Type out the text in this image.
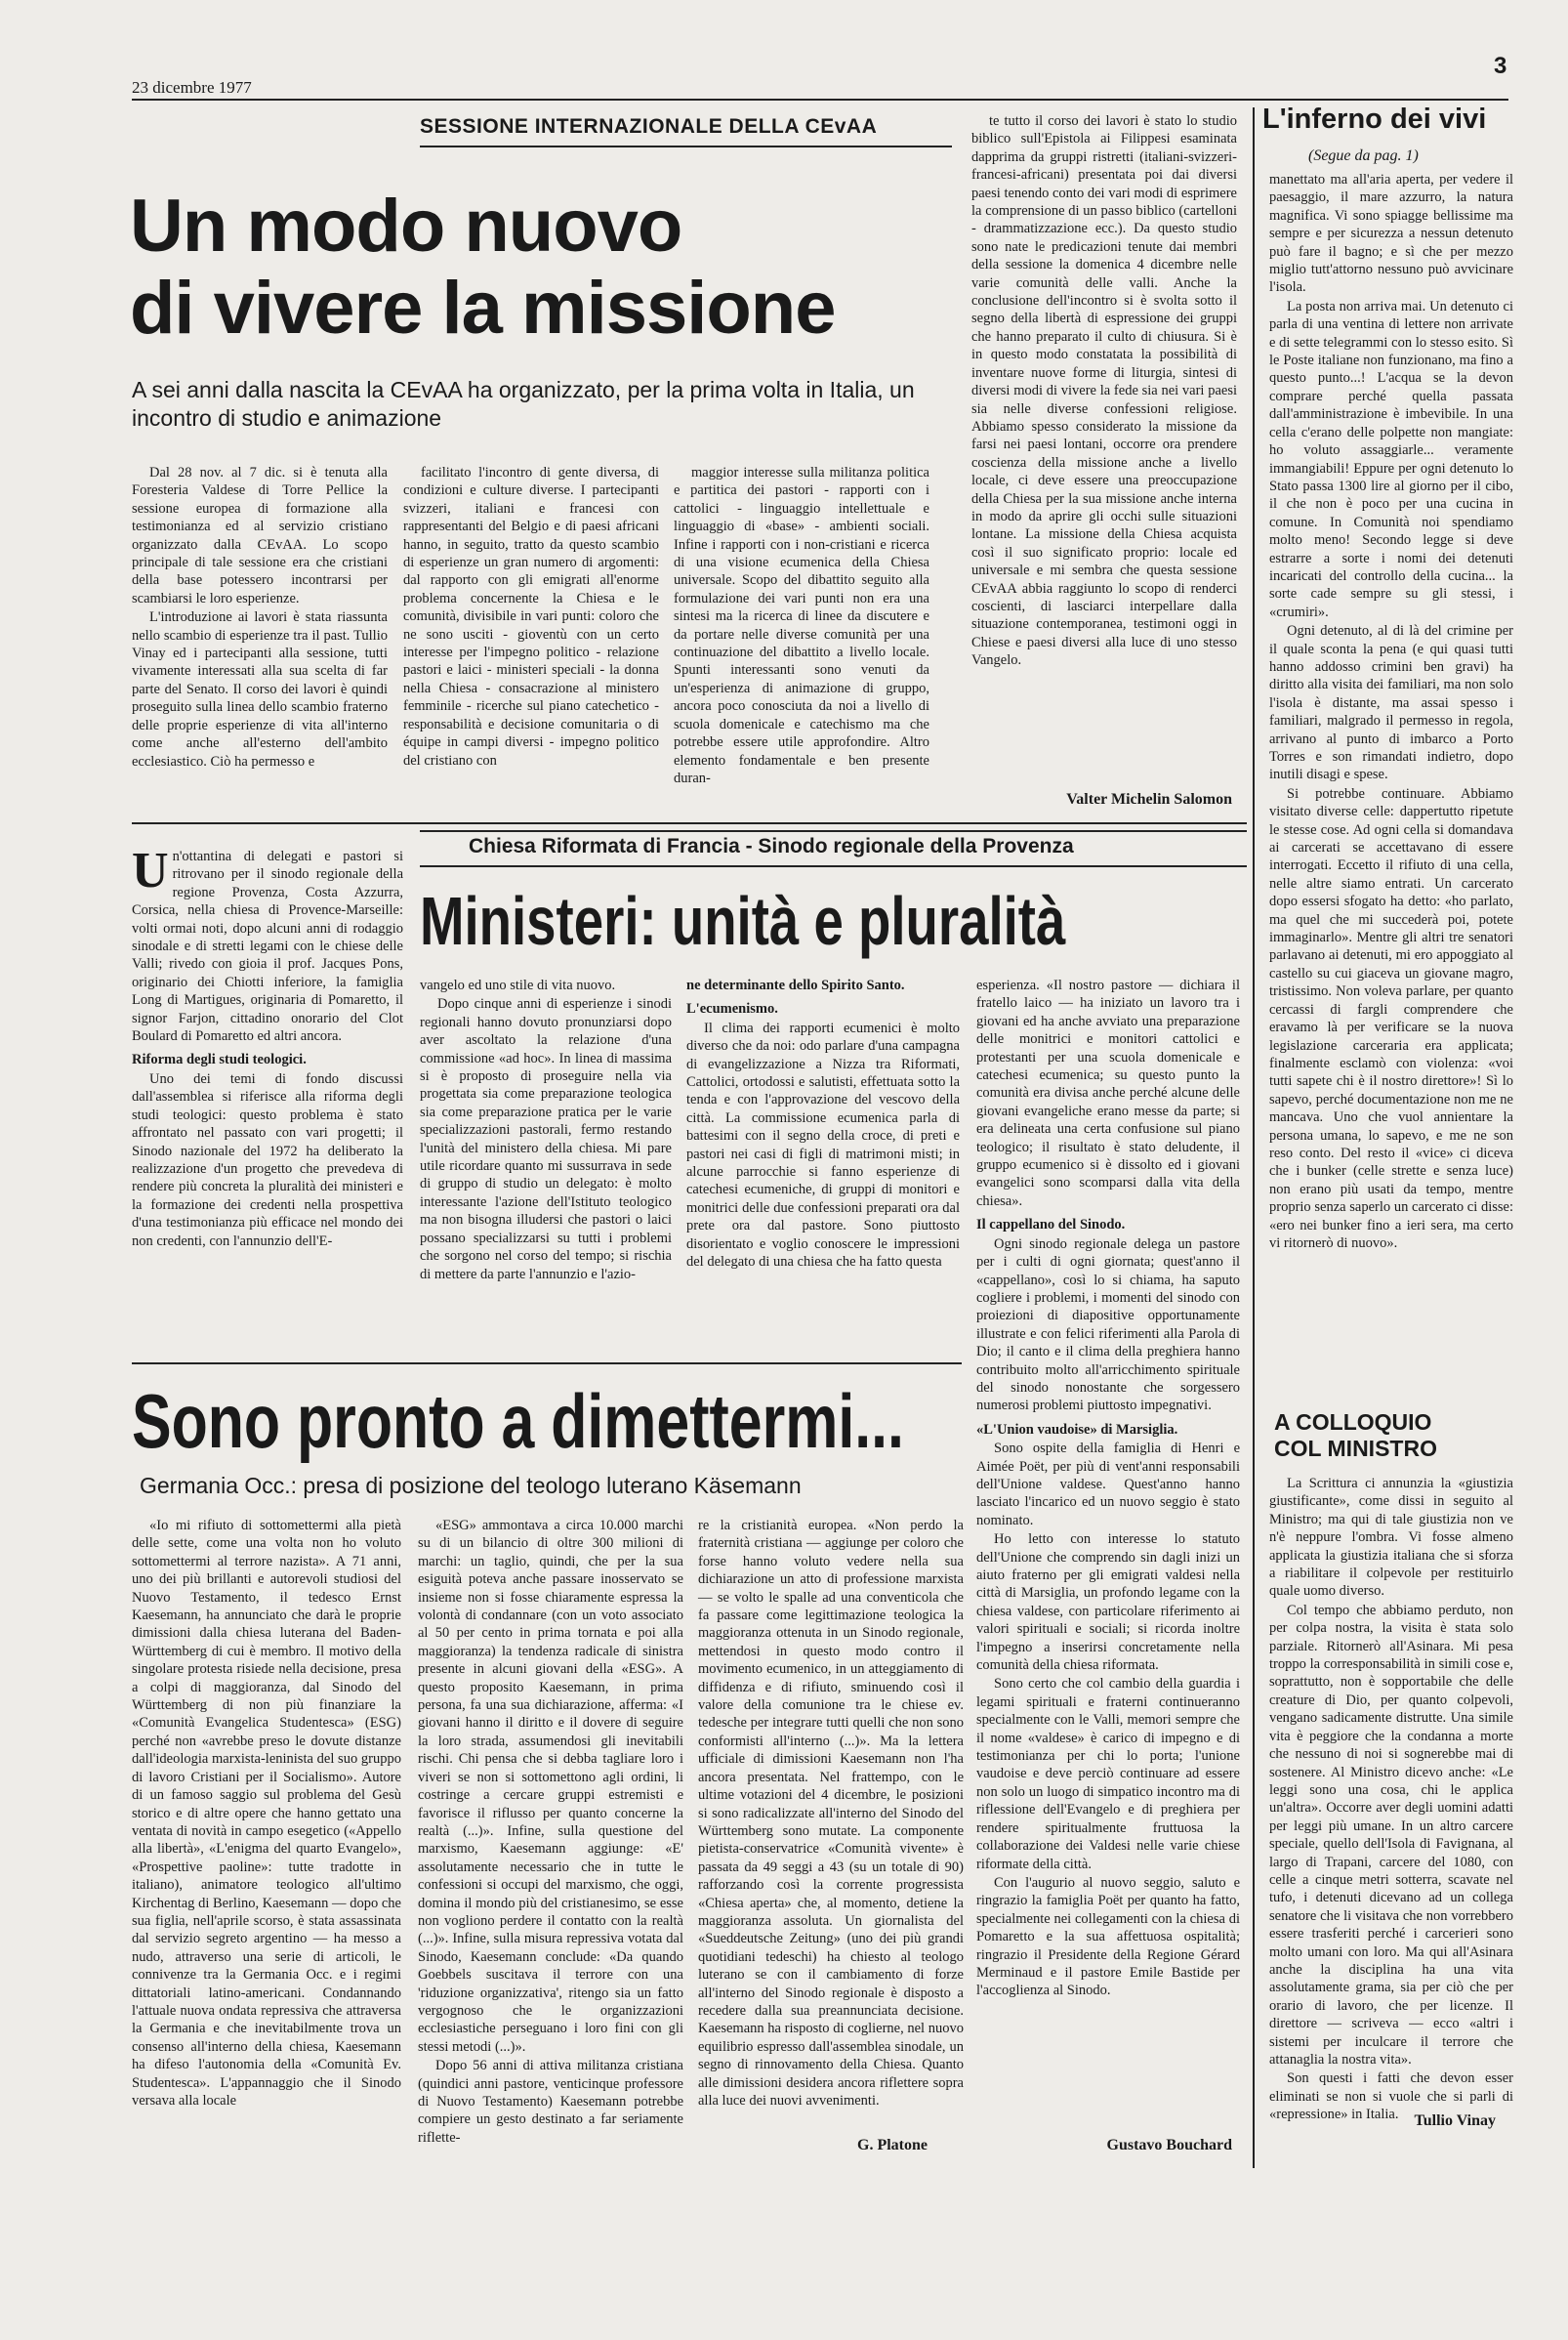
23 dicembre 1977
3
SESSIONE INTERNAZIONALE DELLA CEvAA
Un modo nuovo
di vivere la missione
A sei anni dalla nascita la CEvAA ha organizzato, per la prima volta in Italia, un incontro di studio e animazione

Dal 28 nov. al 7 dic. si è tenuta alla Foresteria Valdese di Torre Pellice la sessione europea di formazione alla testimonianza ed al servizio cristiano organizzato dalla CEvAA. Lo scopo principale di tale sessione era che cristiani della base potessero incontrarsi per scambiarsi le loro esperienze.

L'introduzione ai lavori è stata riassunta nello scambio di esperienze tra il past. Tullio Vinay ed i partecipanti alla sessione, tutti vivamente interessati alla sua scelta di far parte del Senato. Il corso dei lavori è quindi proseguito sulla linea dello scambio fraterno delle proprie esperienze di vita all'interno come anche all'esterno dell'ambito ecclesiastico. Ciò ha permesso e

facilitato l'incontro di gente diversa, di condizioni e culture diverse. I partecipanti svizzeri, italiani e francesi con rappresentanti del Belgio e di paesi africani hanno, in seguito, tratto da questo scambio di esperienze un gran numero di argomenti: dal rapporto con gli emigrati all'enorme problema concernente la Chiesa e le comunità, divisibile in vari punti: coloro che ne sono usciti - gioventù con un certo interesse per l'impegno politico - relazione pastori e laici - ministeri speciali - la donna nella Chiesa - consacrazione al ministero femminile - ricerche sul piano catechetico - responsabilità e decisione comunitaria o di équipe in campi diversi - impegno politico del cristiano con

maggior interesse sulla militanza politica e partitica dei pastori - rapporti con i cattolici - linguaggio intellettuale e linguaggio di «base» - ambienti sociali. Infine i rapporti con i non-cristiani e ricerca di una visione ecumenica della Chiesa universale. Scopo del dibattito seguito alla formulazione dei vari punti non era una sintesi ma la ricerca di linee da discutere e da portare nelle diverse comunità per una continuazione del dibattito a livello locale. Spunti interessanti sono venuti da un'esperienza di animazione di gruppo, ancora poco conosciuta da noi a livello di scuola domenicale e catechismo ma che potrebbe essere utile approfondire. Altro elemento fondamentale e ben presente duran-

te tutto il corso dei lavori è stato lo studio biblico sull'Epistola ai Filippesi esaminata dapprima da gruppi ristretti (italiani-svizzeri-francesi-africani) presentata poi dai diversi paesi tenendo conto dei vari modi di esprimere la comprensione di un passo biblico (cartelloni - drammatizzazione ecc.). Da questo studio sono nate le predicazioni tenute dai membri della sessione la domenica 4 dicembre nelle varie comunità delle valli. Anche la conclusione dell'incontro si è svolta sotto il segno della libertà di espressione dei gruppi che hanno preparato il culto di chiusura. Si è in questo modo constatata la possibilità di inventare nuove forme di liturgia, sintesi di diversi modi di vivere la fede sia nei vari paesi sia nelle diverse confessioni religiose. Abbiamo spesso considerato la missione da farsi nei paesi lontani, occorre ora prendere coscienza della missione anche a livello locale, ci deve essere una preoccupazione della Chiesa per la sua missione anche interna in modo da aprire gli occhi sulle situazioni lontane. La missione della Chiesa acquista così il suo significato proprio: locale ed universale e mi sembra che questa sessione CEvAA abbia raggiunto lo scopo di renderci coscienti, di lasciarci interpellare dalla situazione contemporanea, testimoni oggi in Chiese e paesi diversi alla luce di uno stesso Vangelo.

Valter Michelin Salomon
L'inferno dei vivi
(Segue da pag. 1)

manettato ma all'aria aperta, per vedere il paesaggio, il mare azzurro, la natura magnifica. Vi sono spiagge bellissime ma sempre e per sicurezza a nessun detenuto può fare il bagno; e sì che per mezzo miglio tutt'attorno nessuno può avvicinare l'isola.

La posta non arriva mai. Un detenuto ci parla di una ventina di lettere non arrivate e di sette telegrammi con lo stesso esito. Sì le Poste italiane non funzionano, ma fino a questo punto...! L'acqua se la devon comprare perché quella passata dall'amministrazione è imbevibile. In una cella c'erano delle polpette non mangiate: ho voluto assaggiarle... veramente immangiabili! Eppure per ogni detenuto lo Stato passa 1300 lire al giorno per il cibo, il che non è poco per una cucina in comune. In Comunità noi spendiamo molto meno! Secondo legge si deve estrarre a sorte i nomi dei detenuti incaricati del controllo della cucina... la sorte cade sempre su gli stessi, i «crumiri».

Ogni detenuto, al di là del crimine per il quale sconta la pena (e qui quasi tutti hanno addosso crimini ben gravi) ha diritto alla visita dei familiari, ma non solo l'isola è distante, ma assai spesso i familiari, malgrado il permesso in regola, arrivano al punto di imbarco a Porto Torres e son rimandati indietro, dopo inutili disagi e spese.

Si potrebbe continuare. Abbiamo visitato diverse celle: dappertutto ripetute le stesse cose. Ad ogni cella si domandava ai carcerati se accettavano di essere interrogati. Eccetto il rifiuto di una cella, nelle altre siamo entrati. Un carcerato dopo essersi sfogato ha detto: «ho parlato, ma quel che mi succederà poi, potete immaginarlo». Mentre gli altri tre senatori parlavano ai detenuti, mi ero appoggiato al castello su cui giaceva un giovane magro, tristissimo. Non voleva parlare, per quanto cercassi di fargli comprendere che eravamo là per verificare se la nuova legislazione carceraria era applicata; finalmente esclamò con violenza: «voi tutti sapete chi è il nostro direttore»! Sì lo sapevo, perché documentazione non me ne mancava. Uno che vuol annientare la persona umana, lo sapevo, e me ne son reso conto. Del resto il «vice» ci diceva che i bunker (celle strette e senza luce) non erano più usati da tempo, mentre proprio senza saperlo un carcerato ci disse: «ero nei bunker fino a ieri sera, ma certo vi ritornerò di nuovo».

A COLLOQUIO
COL MINISTRO

La Scrittura ci annunzia la «giustizia giustificante», come dissi in seguito al Ministro; ma qui di tale giustizia non ve n'è neppure l'ombra. Vi fosse almeno applicata la giustizia italiana che si sforza a riabilitare il colpevole per restituirlo quale uomo diverso.

Col tempo che abbiamo perduto, non per colpa nostra, la visita è stata solo parziale. Ritornerò all'Asinara. Mi pesa troppo la corresponsabilità in simili cose e, soprattutto, non è sopportabile che delle creature di Dio, per quanto colpevoli, vengano sadicamente distrutte. Una simile vita è peggiore che la condanna a morte che nessuno di noi si sognerebbe mai di sostenere. Al Ministro dicevo anche: «Le leggi sono una cosa, chi le applica un'altra». Occorre aver degli uomini adatti per leggi più umane. In un altro carcere speciale, quello dell'Isola di Favignana, al largo di Trapani, carcere del 1080, con celle a cinque metri sotterra, scavate nel tufo, i detenuti dicevano ad un collega senatore che li visitava che non vorrebbero essere trasferiti perché i carcerieri sono molto umani con loro. Ma qui all'Asinara anche la disciplina ha una vita assolutamente grama, sia per ciò che per orario di lavoro, che per licenze. Il direttore — scriveva — ecco «altri i sistemi per inculcare il terrore che attanaglia la nostra vita».

Son questi i fatti che devon esser eliminati se non si vuole che si parli di «repressione» in Italia.	Tullio Vinay
Chiesa Riformata di Francia - Sinodo regionale della Provenza
Ministeri: unità e pluralità
U n'ottantina di delegati e pastori si ritrovano per il sinodo regionale della regione Provenza, Costa Azzurra, Corsica, nella chiesa di Provence-Marseille: volti ormai noti, dopo alcuni anni di rodaggio sinodale e di stretti legami con le chiese delle Valli; rivedo con gioia il prof. Jacques Pons, originario dei Chiotti inferiore, la famiglia Long di Martigues, originaria di Pomaretto, il signor Farjon, cittadino onorario del Clot Boulard di Pomaretto ed altri ancora.

Riforma degli studi teologici.

Uno dei temi di fondo discussi dall'assemblea si riferisce alla riforma degli studi teologici: questo problema è stato affrontato nel passato con vari progetti; il Sinodo nazionale del 1972 ha deliberato la realizzazione d'un progetto che prevedeva di rendere più concreta la pluralità dei ministeri e la formazione dei credenti nella prospettiva d'una testimonianza più efficace nel mondo dei non credenti, con l'annunzio dell'E-

vangelo ed uno stile di vita nuovo.

Dopo cinque anni di esperienze i sinodi regionali hanno dovuto pronunziarsi dopo aver ascoltato la relazione d'una commissione «ad hoc». In linea di massima si è proposto di proseguire nella via progettata sia come preparazione teologica sia come preparazione pratica per le varie specializzazioni pastorali, fermo restando l'unità del ministero della chiesa. Mi pare utile ricordare quanto mi sussurrava in sede di gruppo di studio un delegato: è molto interessante l'azione dell'Istituto teologico ma non bisogna illudersi che pastori o laici possano specializzarsi su tutti i problemi che sorgono nel corso del tempo; si rischia di mettere da parte l'annunzio e l'azio-

ne determinante dello Spirito Santo.

L'ecumenismo.

Il clima dei rapporti ecumenici è molto diverso che da noi: odo parlare d'una campagna di evangelizzazione a Nizza tra Riformati, Cattolici, ortodossi e salutisti, effettuata sotto la tenda e con l'approvazione del vescovo della città. La commissione ecumenica parla di battesimi con il segno della croce, di preti e pastori nei casi di figli di matrimoni misti; in alcune parrocchie si fanno esperienze di catechesi ecumeniche, di gruppi di monitori e monitrici delle due confessioni preparati ora dal prete ora dal pastore. Sono piuttosto disorientato e voglio conoscere le impressioni del delegato di una chiesa che ha fatto questa

esperienza. «Il nostro pastore — dichiara il fratello laico — ha iniziato un lavoro tra i giovani ed ha anche avviato una preparazione delle monitrici e monitori cattolici e protestanti per una scuola domenicale e catechesi ecumenica; su questo punto la comunità era divisa anche perché alcune delle giovani evangeliche erano messe da parte; si era delineata una certa confusione sul piano teologico; il risultato è stato deludente, il gruppo ecumenico si è dissolto ed i giovani evangelici sono scomparsi dalla vita della chiesa».

Il cappellano del Sinodo.

Ogni sinodo regionale delega un pastore per i culti di ogni giornata; quest'anno il «cappellano», così lo si chiama, ha saputo cogliere i problemi, i momenti del sinodo con proiezioni di diapositive opportunamente illustrate e con felici riferimenti alla Parola di Dio; il canto e il clima della preghiera hanno contribuito molto all'arricchimento spirituale del sinodo nonostante che sorgessero numerosi problemi piuttosto impegnativi.

«L'Union vaudoise» di Marsiglia.

Sono ospite della famiglia di Henri e Aimée Poët, per più di vent'anni responsabili dell'Unione valdese. Quest'anno hanno lasciato l'incarico ed un nuovo seggio è stato nominato.

Ho letto con interesse lo statuto dell'Unione che comprendo sin dagli inizi un aiuto fraterno per gli emigrati valdesi nella città di Marsiglia, un profondo legame con la chiesa valdese, con particolare riferimento ai valori spirituali e sociali; si ricorda inoltre l'impegno a inserirsi concretamente nella comunità della chiesa riformata.

Sono certo che col cambio della guardia i legami spirituali e fraterni continueranno specialmente con le Valli, memori sempre che il nome «valdese» è carico di impegno e di testimonianza per chi lo porta; l'unione vaudoise e deve perciò continuare ad essere non solo un luogo di simpatico incontro ma di riflessione dell'Evangelo e di preghiera per rendere spiritualmente fruttuosa la collaborazione dei Valdesi nelle varie chiese riformate della città.

Con l'augurio al nuovo seggio, saluto e ringrazio la famiglia Poët per quanto ha fatto, specialmente nei collegamenti con la chiesa di Pomaretto e la sua affettuosa ospitalità; ringrazio il Presidente della Regione Gérard Merminaud e il pastore Emile Bastide per l'accoglienza al Sinodo.

Gustavo Bouchard
Sono pronto a dimettermi...
Germania Occ.: presa di posizione del teologo luterano Käsemann

«Io mi rifiuto di sottomettermi alla pietà delle sette, come una volta non ho voluto sottomettermi al terrore nazista». A 71 anni, uno dei più brillanti e autorevoli studiosi del Nuovo Testamento, il tedesco Ernst Kaesemann, ha annunciato che darà le proprie dimissioni dalla chiesa luterana del Baden-Württemberg di cui è membro. Il motivo della singolare protesta risiede nella decisione, presa a colpi di maggioranza, dal Sinodo del Württemberg di non più finanziare la «Comunità Evangelica Studentesca» (ESG) perché non «avrebbe preso le dovute distanze dall'ideologia marxista-leninista del suo gruppo di lavoro Cristiani per il Socialismo». Autore di un famoso saggio sul problema del Gesù storico e di altre opere che hanno gettato una ventata di novità in campo esegetico («Appello alla libertà», «L'enigma del quarto Evangelo», «Prospettive paoline»: tutte tradotte in italiano), animatore teologico all'ultimo Kirchentag di Berlino, Kaesemann — dopo che sua figlia, nell'aprile scorso, è stata assassinata dal servizio segreto argentino — ha messo a nudo, attraverso una serie di articoli, le connivenze tra la Germania Occ. e i regimi dittatoriali latino-americani. Condannando l'attuale nuova ondata repressiva che attraversa la Germania e che inevitabilmente trova un consenso all'interno della chiesa, Kaesemann ha difeso l'autonomia della «Comunità Ev. Studentesca». L'appannaggio che il Sinodo versava alla locale

«ESG» ammontava a circa 10.000 marchi su di un bilancio di oltre 300 milioni di marchi: un taglio, quindi, che per la sua esiguità poteva anche passare inosservato se insieme non si fosse chiaramente espressa la volontà di condannare (con un voto associato al 50 per cento in prima tornata e poi alla maggioranza) la tendenza radicale di sinistra presente in alcuni giovani della «ESG». A questo proposito Kaesemann, in prima persona, fa una sua dichiarazione, afferma: «I giovani hanno il diritto e il dovere di seguire la loro strada, assumendosi gli inevitabili rischi. Chi pensa che si debba tagliare loro i viveri se non si sottomettono agli ordini, li costringe a cercare gruppi estremisti e favorisce il riflusso per quanto concerne la realtà (...)». Infine, sulla questione del marxismo, Kaesemann aggiunge: «E' assolutamente necessario che in tutte le confessioni si occupi del marxismo, che oggi, domina il mondo più del cristianesimo, se esse non vogliono perdere il contatto con la realtà (...)». Infine, sulla misura repressiva votata dal Sinodo, Kaesemann conclude: «Da quando Goebbels suscitava il terrore con una 'riduzione organizzativa', ritengo sia un fatto vergognoso che le organizzazioni ecclesiastiche perseguano i loro fini con gli stessi metodi (...)».

Dopo 56 anni di attiva militanza cristiana (quindici anni pastore, venticinque professore di Nuovo Testamento) Kaesemann potrebbe compiere un gesto destinato a far seriamente riflette-

re la cristianità europea. «Non perdo la fraternità cristiana — aggiunge per coloro che forse hanno voluto vedere nella sua dichiarazione un atto di professione marxista — se volto le spalle ad una conventicola che fa passare come legittimazione teologica la maggioranza ottenuta in un Sinodo regionale, mettendosi in questo modo contro il movimento ecumenico, in un atteggiamento di diffidenza e di rifiuto, sminuendo così il valore della comunione tra le chiese ev. tedesche per integrare tutti quelli che non sono conformisti all'interno (...)». Ma la lettera ufficiale di dimissioni Kaesemann non l'ha ancora presentata. Nel frattempo, con le ultime votazioni del 4 dicembre, le posizioni si sono radicalizzate all'interno del Sinodo del Württemberg sono mutate. La componente pietista-conservatrice «Comunità vivente» è passata da 49 seggi a 43 (su un totale di 90) rafforzando così la corrente progressista «Chiesa aperta» che, al momento, detiene la maggioranza assoluta. Un giornalista del «Sueddeutsche Zeitung» (uno dei più grandi quotidiani tedeschi) ha chiesto al teologo luterano se con il cambiamento di forze all'interno del Sinodo regionale è disposto a recedere dalla sua preannunciata decisione. Kaesemann ha risposto di coglierne, nel nuovo equilibrio espresso dall'assemblea sinodale, un segno di rinnovamento della Chiesa. Quanto alle dimissioni desidera ancora riflettere sopra alla luce dei nuovi avvenimenti.

G. Platone
